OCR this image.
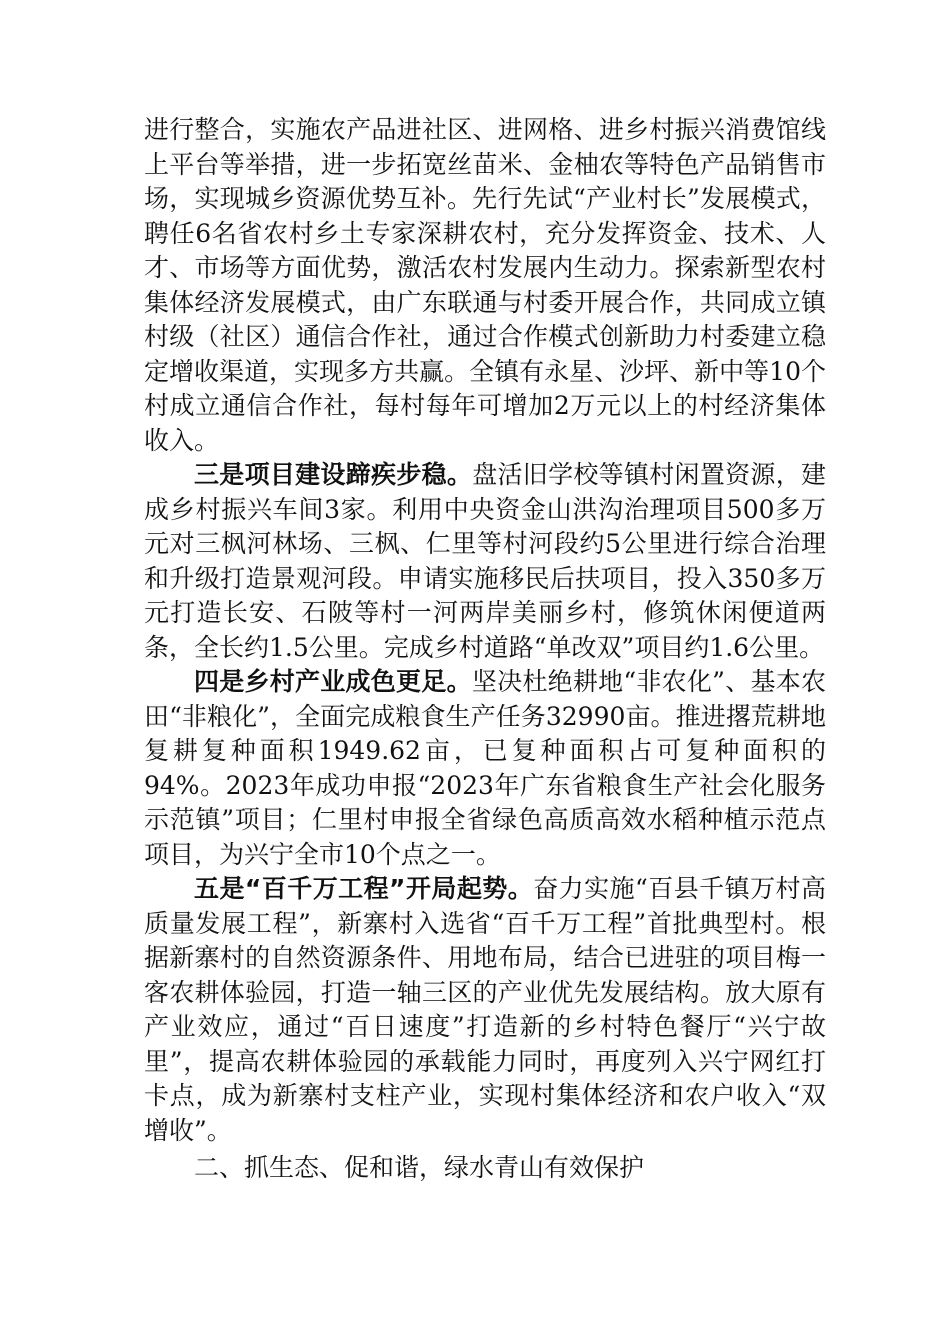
进行整合，实施农产品进社区、进网格、进乡村振兴消费馆线上平台等举措，进一步拓宽丝苗米、金柚农等特色产品销售市场，实现城乡资源优势互补。先行先试“产业村长”发展模式，聘任6名省农村乡土专家深耕农村，充分发挥资金、技术、人才、市场等方面优势，激活农村发展内生动力。探索新型农村集体经济发展模式，由广东联通与村委开展合作，共同成立镇村级（社区）通信合作社，通过合作模式创新助力村委建立稳定增收渠道，实现多方共赢。全镇有永星、沙坪、新中等10个村成立通信合作社，每村每年可增加2万元以上的村经济集体收入。

三是项目建设蹄疾步稳。盘活旧学校等镇村闲置资源，建成乡村振兴车间3家。利用中央资金山洪沟治理项目500多万元对三枫河林场、三枫、仁里等村河段约5公里进行综合治理和升级打造景观河段。申请实施移民后扶项目，投入350多万元打造长安、石陂等村一河两岸美丽乡村，修筑休闲便道两条，全长约1.5公里。完成乡村道路“单改双”项目约1.6公里。

四是乡村产业成色更足。坚决杜绝耕地“非农化”、基本农田“非粮化”，全面完成粮食生产任务32990亩。推进撂荒耕地复耕复种面积1949.62亩，已复种面积占可复种面积的94%。2023年成功申报“2023年广东省粮食生产社会化服务示范镇”项目；仁里村申报全省绿色高质高效水稻种植示范点项目，为兴宁全市10个点之一。

五是“百千万工程”开局起势。奋力实施“百县千镇万村高质量发展工程”，新寨村入选省“百千万工程”首批典型村。根据新寨村的自然资源条件、用地布局，结合已进驻的项目梅一客农耕体验园，打造一轴三区的产业优先发展结构。放大原有产业效应，通过“百日速度”打造新的乡村特色餐厅“兴宁故里”，提高农耕体验园的承载能力同时，再度列入兴宁网红打卡点，成为新寨村支柱产业，实现村集体经济和农户收入“双增收”。

二、抓生态、促和谐，绿水青山有效保护
